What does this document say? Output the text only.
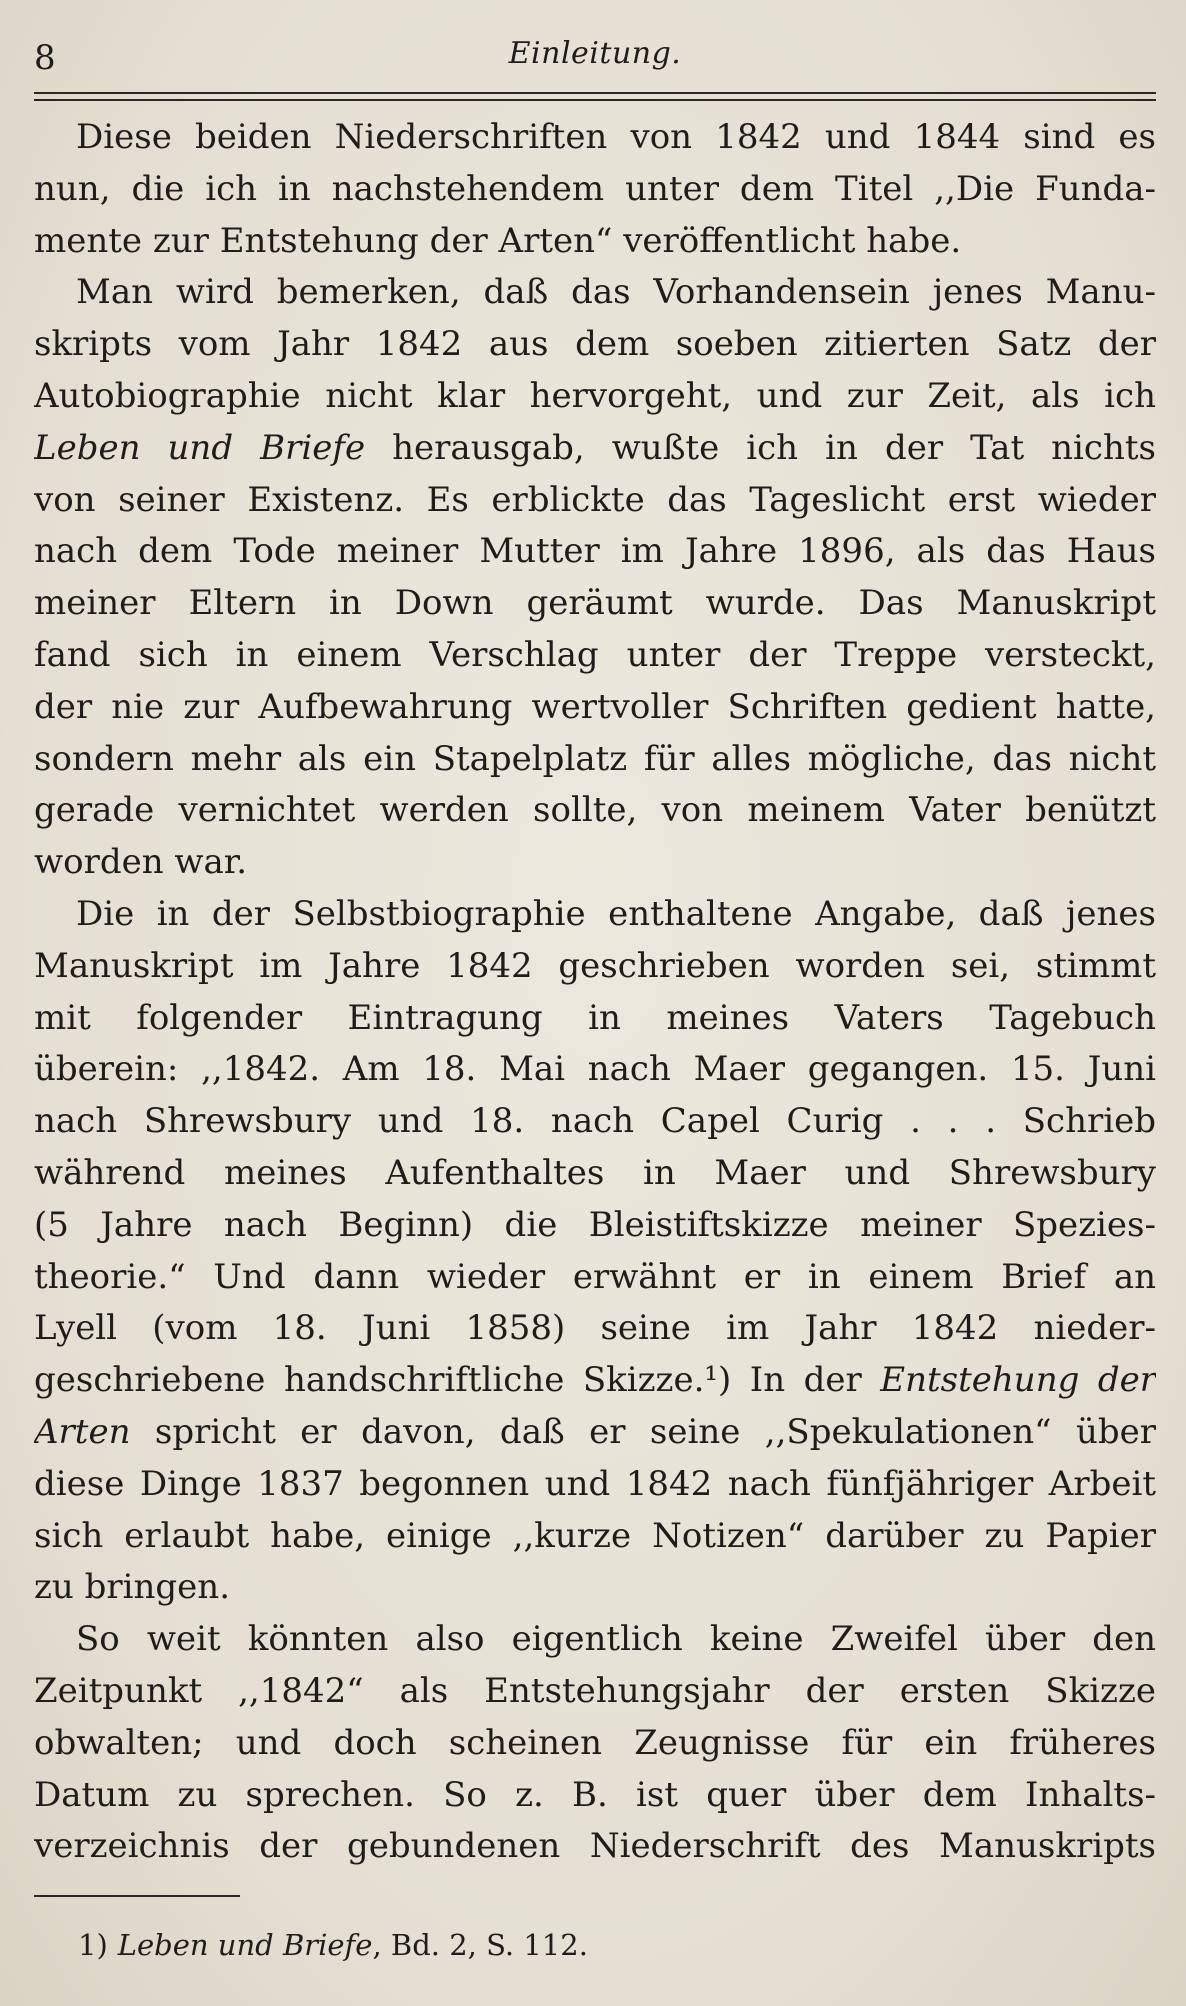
8	Einleitung.
Diese beiden Niederschriften von 1842 und 1844 sind es
nun, die ich in nachstehendem unter dem Titel ,,Die Funda-
mente zur Entstehung der Arten“ veröffentlicht habe.
Man wird bemerken, daß das Vorhandensein jenes Manu-
skripts vom Jahr 1842 aus dem soeben zitierten Satz der
Autobiographie nicht klar hervorgeht, und zur Zeit, als ich
Leben und Briefe herausgab, wußte ich in der Tat nichts
von seiner Existenz. Es erblickte das Tageslicht erst wieder
nach dem Tode meiner Mutter im Jahre 1896, als das Haus
meiner Eltern in Down geräumt wurde. Das Manuskript
fand sich in einem Verschlag unter der Treppe versteckt,
der nie zur Aufbewahrung wertvoller Schriften gedient hatte,
sondern mehr als ein Stapelplatz für alles mögliche, das nicht
gerade vernichtet werden sollte, von meinem Vater benützt
worden war.
Die in der Selbstbiographie enthaltene Angabe, daß jenes
Manuskript im Jahre 1842 geschrieben worden sei, stimmt
mit folgender Eintragung in meines Vaters Tagebuch
überein: ,,1842. Am 18. Mai nach Maer gegangen. 15. Juni
nach Shrewsbury und 18. nach Capel Curig . . . Schrieb
während meines Aufenthaltes in Maer und Shrewsbury
(5 Jahre nach Beginn) die Bleistiftskizze meiner Spezies-
theorie.“ Und dann wieder erwähnt er in einem Brief an
Lyell (vom 18. Juni 1858) seine im Jahr 1842 nieder-
geschriebene handschriftliche Skizze.¹) In der Entstehung der
Arten spricht er davon, daß er seine ,,Spekulationen“ über
diese Dinge 1837 begonnen und 1842 nach fünfjähriger Arbeit
sich erlaubt habe, einige ,,kurze Notizen“ darüber zu Papier
zu bringen.
So weit könnten also eigentlich keine Zweifel über den
Zeitpunkt ,,1842“ als Entstehungsjahr der ersten Skizze
obwalten; und doch scheinen Zeugnisse für ein früheres
Datum zu sprechen. So z. B. ist quer über dem Inhalts-
verzeichnis der gebundenen Niederschrift des Manuskripts
1) Leben und Briefe, Bd. 2, S. 112.
